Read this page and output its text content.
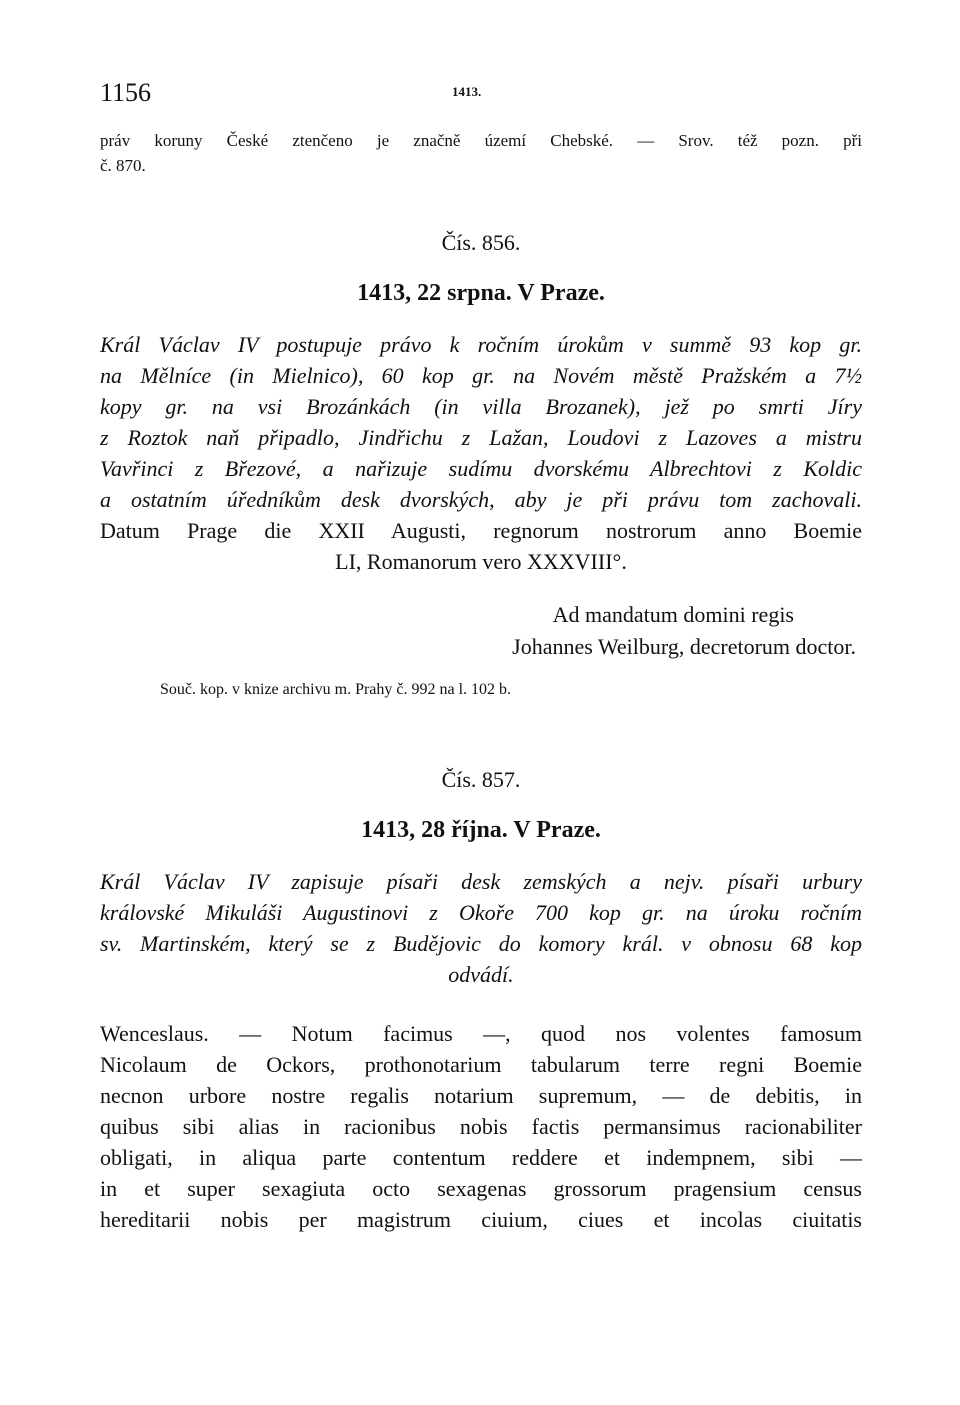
1156	1413.

práv koruny České ztenčeno je značně území Chebské. — Srov. též pozn. při

č. 870.

Čís. 856.

1413, 22 srpna. V Praze.

Král Václav IV postupuje právo k ročním úrokům v summě 93 kop gr.
na Mělníce (in Mielnico), 60 kop gr. na Novém městě Pražském a 7½
kopy gr. na vsi Brozánkách (in villa Brozanek), jež po smrti Jíry
z Roztok naň připadlo, Jindřichu z Lažan, Loudovi z Lazoves a mistru
Vavřinci z Březové, a nařizuje sudímu dvorskému Albrechtovi z Koldic
a ostatním úředníkům desk dvorských, aby je při právu tom zachovali.

Datum Prage die XXII Augusti, regnorum nostrorum anno Boemie
LI, Romanorum vero XXXVIII°.

Ad mandatum domini regis
Johannes Weilburg, decretorum doctor.

Souč. kop. v knize archivu m. Prahy č. 992 na l. 102 b.

Čís. 857.

1413, 28 října. V Praze.

Král Václav IV zapisuje písaři desk zemských a nejv. písaři urbury
královské Mikuláši Augustinovi z Okoře 700 kop gr. na úroku ročním
sv. Martinském, který se z Budějovic do komory král. v obnosu 68 kop
odvádí.

Wenceslaus. — Notum facimus —, quod nos volentes famosum
Nicolaum de Ockors, prothonotarium tabularum terre regni Boemie
necnon urbore nostre regalis notarium supremum, — de debitis, in
quibus sibi alias in racionibus nobis factis permansimus racionabiliter
obligati, in aliqua parte contentum reddere et indempnem, sibi —
in et super sexagiuta octo sexagenas grossorum pragensium census
hereditarii nobis per magistrum ciuium, ciues et incolas ciuitatis
